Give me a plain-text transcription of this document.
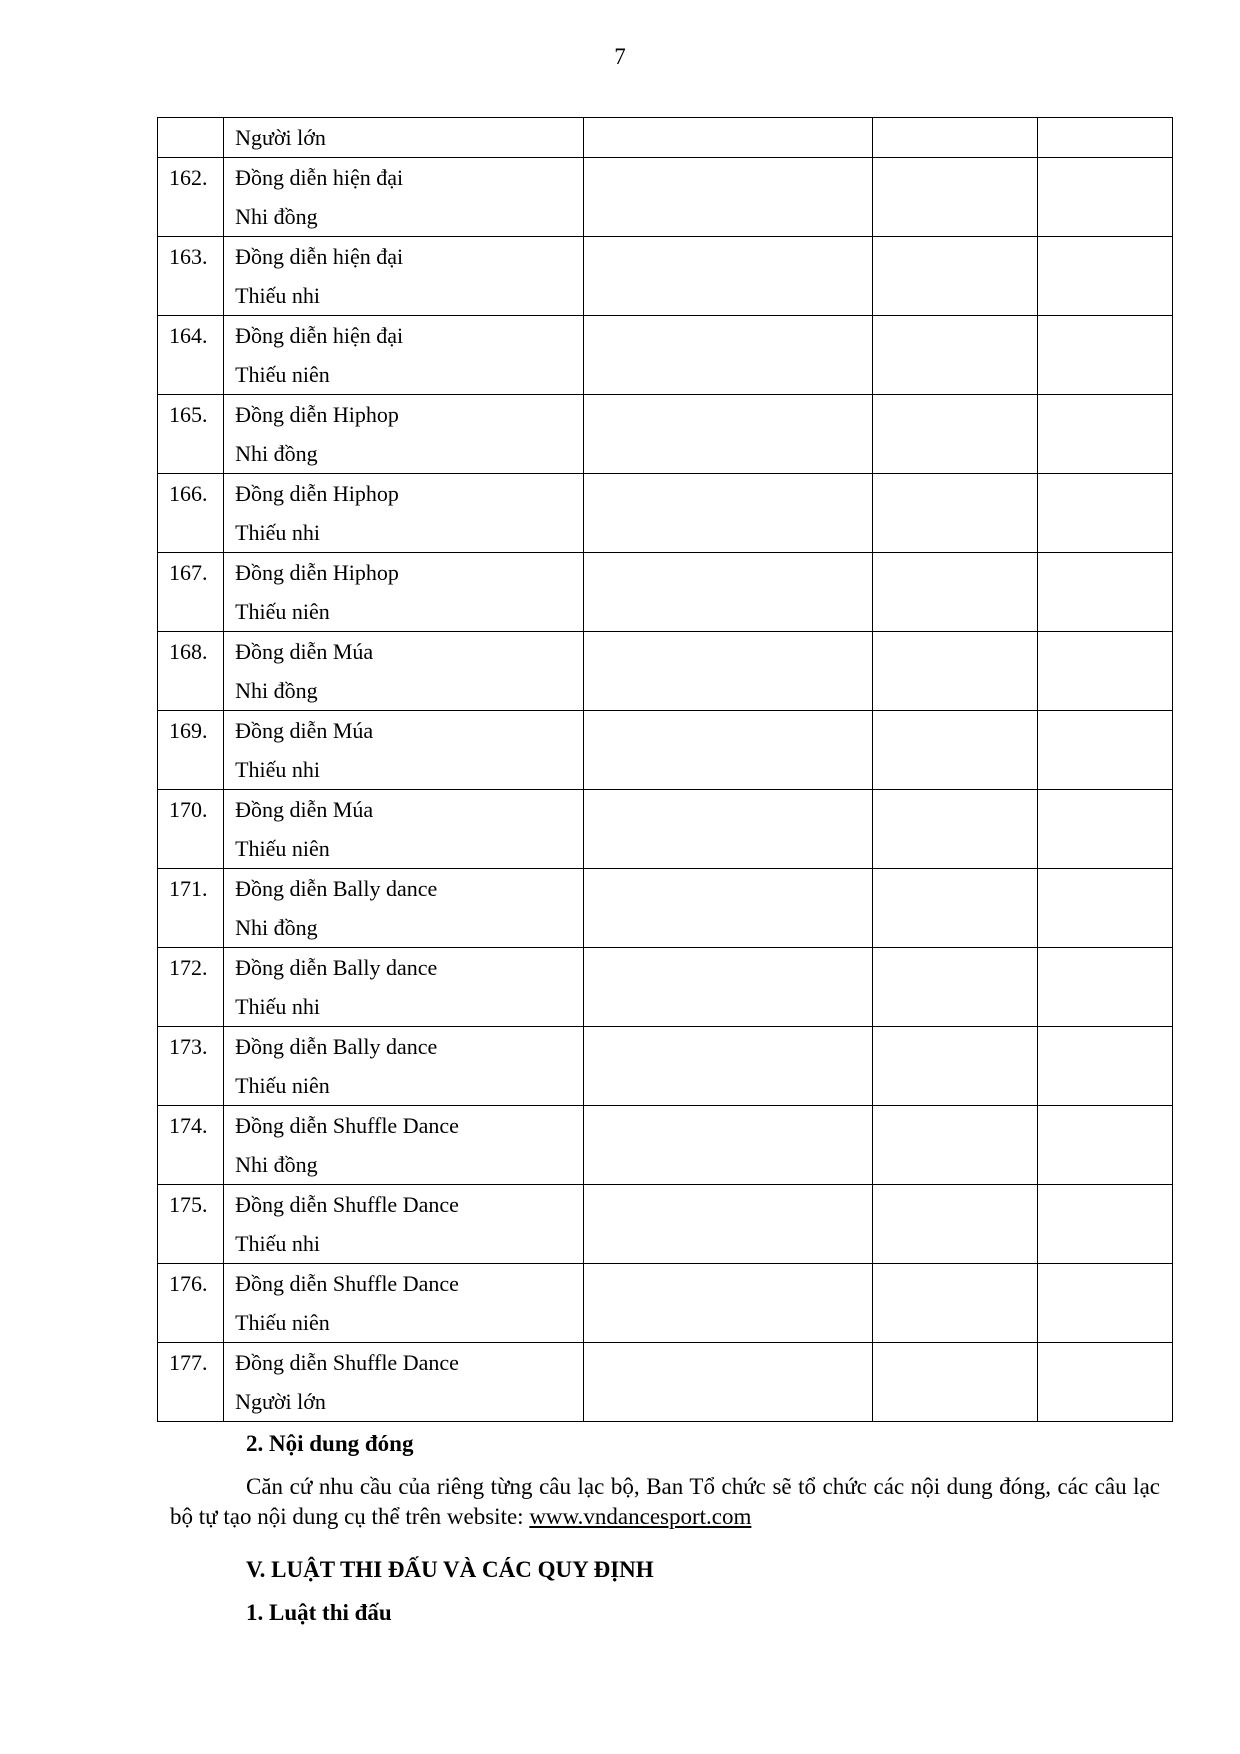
7

	Người lớn			

162.	Đồng diễn hiện đại
Nhi đồng			

163.	Đồng diễn hiện đại
Thiếu nhi			

164.	Đồng diễn hiện đại
Thiếu niên			

165.	Đồng diễn Hiphop
Nhi đồng			

166.	Đồng diễn Hiphop
Thiếu nhi			

167.	Đồng diễn Hiphop
Thiếu niên			

168.	Đồng diễn Múa
Nhi đồng			

169.	Đồng diễn Múa
Thiếu nhi			

170.	Đồng diễn Múa
Thiếu niên			

171.	Đồng diễn Bally dance
Nhi đồng			

172.	Đồng diễn Bally dance
Thiếu nhi			

173.	Đồng diễn Bally dance
Thiếu niên			

174.	Đồng diễn Shuffle Dance
Nhi đồng			

175.	Đồng diễn Shuffle Dance
Thiếu nhi			

176.	Đồng diễn Shuffle Dance
Thiếu niên			

177.	Đồng diễn Shuffle Dance
Người lớn			

2. Nội dung đóng
Căn cứ nhu cầu của riêng từng câu lạc bộ, Ban Tổ chức sẽ tổ chức các nội dung đóng, các câu lạc bộ tự tạo nội dung cụ thể trên website: www.vndancesport.com
V. LUẬT THI ĐẤU VÀ CÁC QUY ĐỊNH
1. Luật thi đấu
